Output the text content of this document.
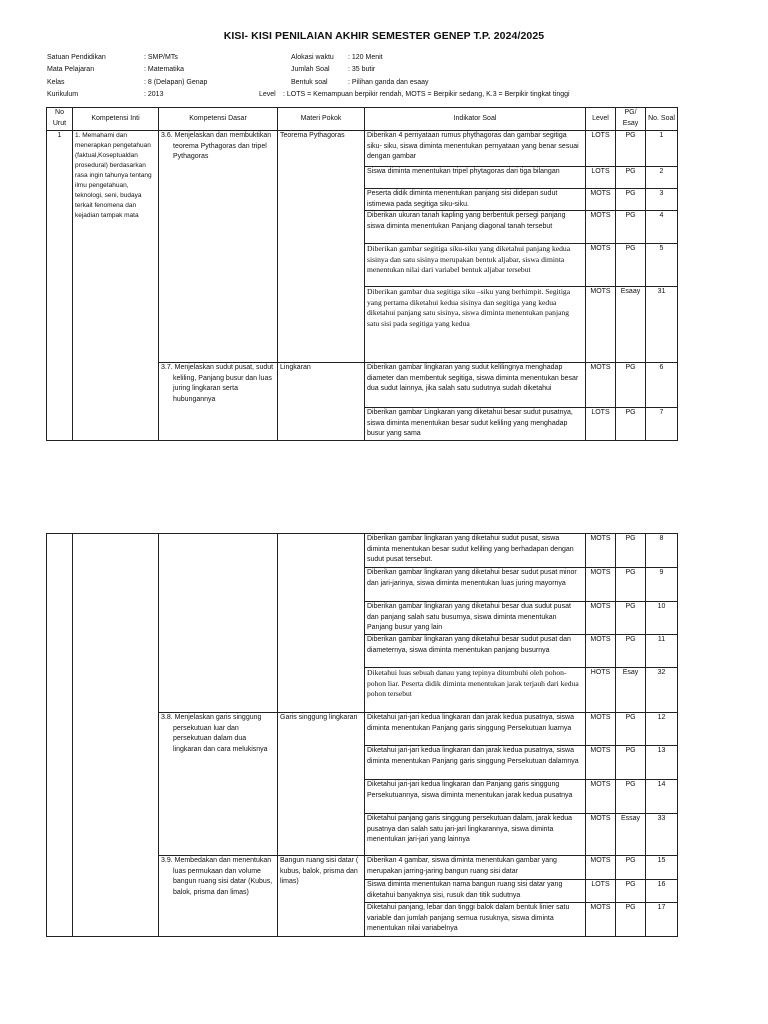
KISI- KISI PENILAIAN AKHIR SEMESTER GENEP T.P. 2024/2025
Satuan Pendidikan	: SMP/MTs	Alokasi waktu : 120 Menit
Mata Pelajaran	: Matematika	Jumlah Soal	: 35 butir
Kelas	: 8 (Delapan) Genap	Bentuk soal	: Pilihan ganda dan esaay
Kurikulum	: 2013	Level : LOTS = Kemampuan berpikir rendah, MOTS = Berpikir sedang, K.3 = Berpikir tingkat tinggi
No Urut	Kompetensi Inti	Kompetensi Dasar	Materi Pokok	Indikator Soal	Level	PG/ Esay	No. Soal
1	1. Memahami dan menerapkan pengetahuan (faktual,Koseptualdan prosedural) berdasarkan rasa ingin tahunya tentang ilmu pengetahuan, teknologi, seni, budaya terkait fenomena dan kejadian tampak mata	3.6. Menjelaskan dan membuktikan teorema Pythagoras dan tripel Pythagoras	Teorema Pythagoras	Diberikan 4 pernyataan rumus phythagoras dan gambar segitiga siku- siku, siswa diminta menentukan pernyataan yang benar sesuai dengan gambar	LOTS	PG	1
				Siswa diminta menentukan tripel phytagoras dari tiga bilangan	LOTS	PG	2
				Peserta didik diminta menentukan panjang sisi didepan sudut istimewa pada segitiga siku-siku.	MOTS	PG	3
				Diberikan ukuran tanah kapling yang berbentuk persegi panjang siswa diminta menentukan Panjang diagonal tanah tersebut	MOTS	PG	4
				Diberikan gambar segitiga siku-siku yang diketahui panjang kedua sisinya dan satu sisinya merupakan bentuk aljabar, siswa diminta menentukan nilai dari variabel bentuk aljabar tersebut	MOTS	PG	5
				Diberikan gambar dua segitiga siku –siku yang berhimpit. Segitiga yang pertama diketahui kedua sisinya dan segitiga yang kedua diketahui panjang satu sisinya, siswa diminta menentukan panjang satu sisi pada segitiga yang kedua	MOTS	Esaay	31
		3.7. Menjelaskan sudut pusat, sudut keliling, Panjang busur dan luas juring lingkaran serta hubungannya	Lingkaran	Diberikan gambar lingkaran yang sudut kelilingnya menghadap diameter dan membentuk segitiga, siswa diminta menentukan besar dua sudut lainnya, jika salah satu sudutnya sudah diketahui	MOTS	PG	6
				Diberikan gambar Lingkaran yang diketahui besar sudut pusatnya, siswa diminta menentukan besar sudut keliling yang menghadap busur yang sama	LOTS	PG	7
				Diberikan gambar lingkaran yang diketahui sudut pusat, siswa diminta menentukan besar sudut keliling yang berhadapan dengan sudut pusat tersebut.	MOTS	PG	8
				Diberikan gambar lingkaran yang diketahui besar sudut pusat minor dan jari-jarinya, siswa diminta menentukan luas juring mayornya	MOTS	PG	9
				Diberikan gambar lingkaran yang diketahui besar dua sudut pusat dan panjang salah satu busurnya, siswa diminta menentukan Panjang busur yang lain	MOTS	PG	10
				Diberikan gambar lingkaran yang diketahui besar sudut pusat dan diameternya, siswa diminta menentukan panjang busurnya	MOTS	PG	11
				Diketahui luas sebuah danau yang tepinya ditumbuhi oleh pohon-pohon liar. Peserta didik diminta menentukan jarak terjauh dari kedua pohon tersebut	HOTS	Esay	32
		3.8. Menjelaskan garis singgung persekutuan luar dan persekutuan dalam dua lingkaran dan cara melukisnya	Garis singgung lingkaran	Diketahui jari-jari kedua lingkaran dan jarak kedua pusatnya, siswa diminta menentukan Panjang garis singgung Persekutuan luarnya	MOTS	PG	12
				Diketahui jari-jari kedua lingkaran dan jarak kedua pusatnya, siswa diminta menentukan Panjang garis singgung Persekutuan dalamnya	MOTS	PG	13
				Diketahui jari-jari kedua lingkaran dan Panjang garis singgung Persekutuannya, siswa diminta menentukan jarak kedua pusatnya	MOTS	PG	14
				Diketahui panjang garis singgung persekutuan dalam, jarak kedua pusatnya dan salah satu jari-jari lingkarannya, siswa diminta menentukan jari-jari yang lainnya	MOTS	Essay	33
		3.9. Membedakan dan menentukan luas permukaan dan volume bangun ruang sisi datar (Kubus, balok, prisma dan limas)	Bangun ruang sisi datar ( kubus, balok, prisma dan limas)	Diberikan 4 gambar, siswa diminta menentukan gambar yang merupakan jarring-jaring bangun ruang sisi datar	MOTS	PG	15
				Siswa diminta menentukan nama bangun ruang sisi datar yang diketahui banyaknya sisi, rusuk dan titik sudutnya	LOTS	PG	16
				Diketahui panjang, lebar dan tinggi balok dalam bentuk linier satu variable dan jumlah panjang semua rusuknya, siswa diminta menentukan nilai variabelnya	MOTS	PG	17
